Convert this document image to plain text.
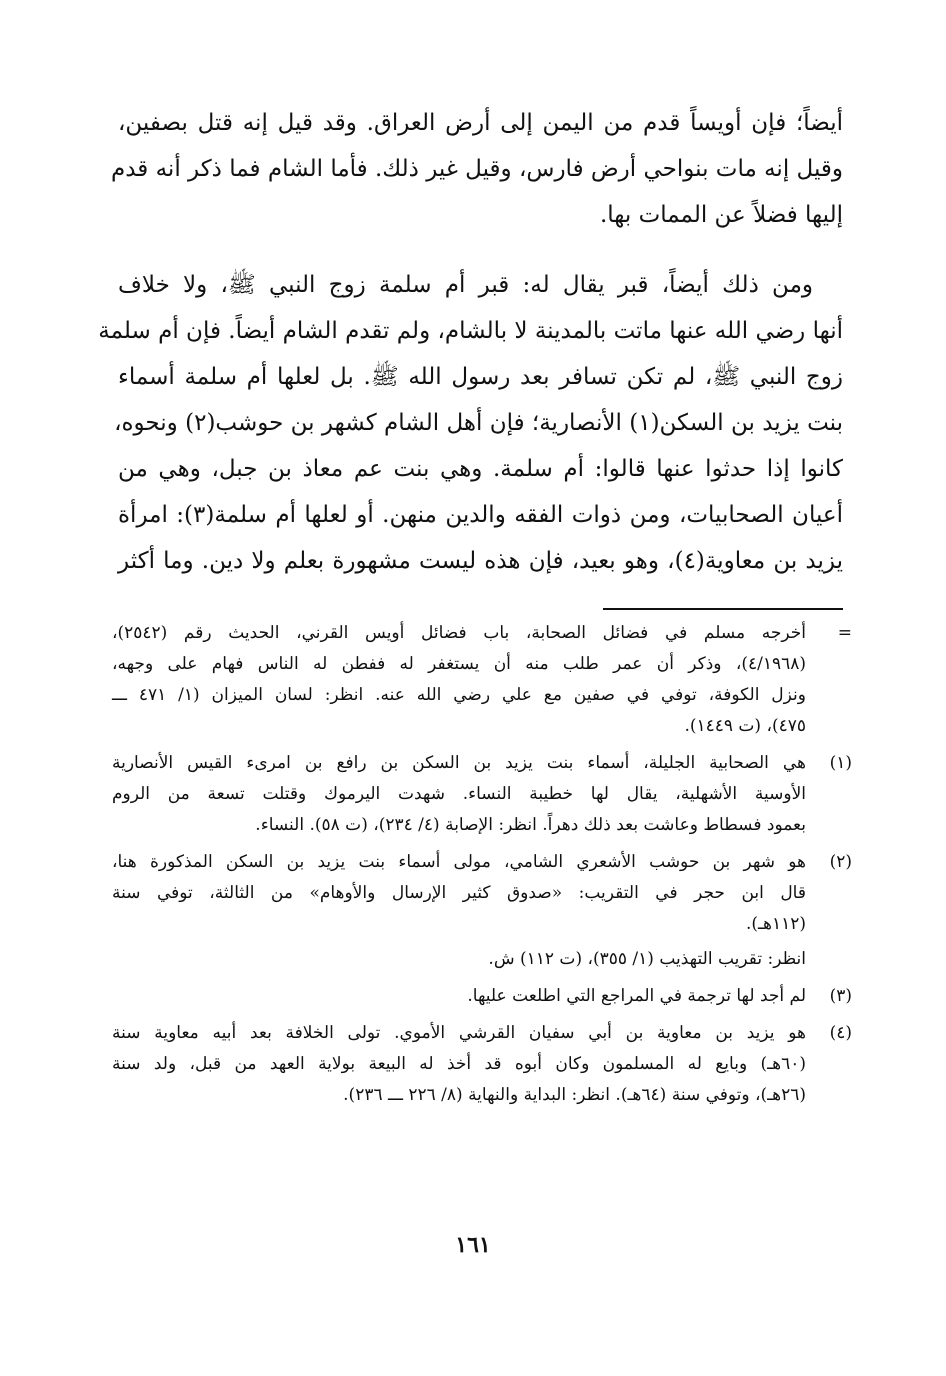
أيضاً؛ فإن أويساً قدم من اليمن إلى أرض العراق. وقد قيل إنه قتل بصفين،
وقيل إنه مات بنواحي أرض فارس، وقيل غير ذلك. فأما الشام فما ذكر أنه قدم
إليها فضلاً عن الممات بها.
ومن ذلك أيضاً، قبر يقال له: قبر أم سلمة زوج النبي ﷺ، ولا خلاف
أنها رضي الله عنها ماتت بالمدينة لا بالشام، ولم تقدم الشام أيضاً. فإن أم سلمة
زوج النبي ﷺ، لم تكن تسافر بعد رسول الله ﷺ. بل لعلها أم سلمة أسماء
بنت يزيد بن السكن(١) الأنصارية؛ فإن أهل الشام كشهر بن حوشب(٢) ونحوه،
كانوا إذا حدثوا عنها قالوا: أم سلمة. وهي بنت عم معاذ بن جبل، وهي من
أعيان الصحابيات، ومن ذوات الفقه والدين منهن. أو لعلها أم سلمة(٣): امرأة
يزيد بن معاوية(٤)، وهو بعيد، فإن هذه ليست مشهورة بعلم ولا دين. وما أكثر
=
أخرجه مسلم في فضائل الصحابة، باب فضائل أويس القرني، الحديث رقم (٢٥٤٢)،
(٤/١٩٦٨)، وذكر أن عمر طلب منه أن يستغفر له ففطن له الناس فهام على وجهه،
ونزل الكوفة، توفي في صفين مع علي رضي الله عنه. انظر: لسان الميزان (١/ ٤٧١ ـــ
٤٧٥)، (ت ١٤٤٩).
(١)
هي الصحابية الجليلة، أسماء بنت يزيد بن السكن بن رافع بن امرىء القيس الأنصارية
الأوسية الأشهلية، يقال لها خطيبة النساء. شهدت اليرموك وقتلت تسعة من الروم
بعمود فسطاط وعاشت بعد ذلك دهراً. انظر: الإصابة (٤/ ٢٣٤)، (ت ٥٨). النساء.
(٢)
هو شهر بن حوشب الأشعري الشامي، مولى أسماء بنت يزيد بن السكن المذكورة هنا،
قال ابن حجر في التقريب: «صدوق كثير الإرسال والأوهام» من الثالثة، توفي سنة
(١١٢هـ).
انظر: تقريب التهذيب (١/ ٣٥٥)، (ت ١١٢) ش.
(٣)
لم أجد لها ترجمة في المراجع التي اطلعت عليها.
(٤)
هو يزيد بن معاوية بن أبي سفيان القرشي الأموي. تولى الخلافة بعد أبيه معاوية سنة
(٦٠هـ) وبايع له المسلمون وكان أبوه قد أخذ له البيعة بولاية العهد من قبل، ولد سنة
(٢٦هـ)، وتوفي سنة (٦٤هـ). انظر: البداية والنهاية (٨/ ٢٢٦ ـــ ٢٣٦).
١٦١
